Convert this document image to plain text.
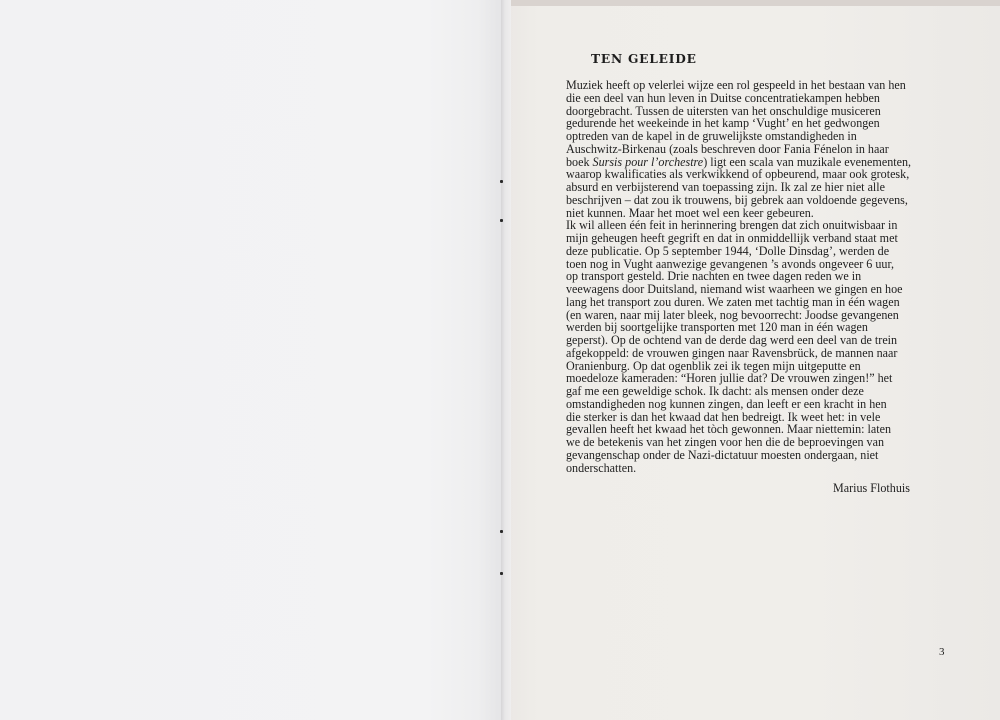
TEN GELEIDE
Muziek heeft op velerlei wijze een rol gespeeld in het bestaan van hen
die een deel van hun leven in Duitse concentratiekampen hebben
doorgebracht. Tussen de uitersten van het onschuldige musiceren
gedurende het weekeinde in het kamp ‘Vught’ en het gedwongen
optreden van de kapel in de gruwelijkste omstandigheden in
Auschwitz-Birkenau (zoals beschreven door Fania Fénelon in haar
boek Sursis pour l’orchestre) ligt een scala van muzikale evenementen,
waarop kwalificaties als verkwikkend of opbeurend, maar ook grotesk,
absurd en verbijsterend van toepassing zijn. Ik zal ze hier niet alle
beschrijven – dat zou ik trouwens, bij gebrek aan voldoende gegevens,
niet kunnen. Maar het moet wel een keer gebeuren.
Ik wil alleen één feit in herinnering brengen dat zich onuitwisbaar in
mijn geheugen heeft gegrift en dat in onmiddellijk verband staat met
deze publicatie. Op 5 september 1944, ‘Dolle Dinsdag’, werden de
toen nog in Vught aanwezige gevangenen ’s avonds ongeveer 6 uur,
op transport gesteld. Drie nachten en twee dagen reden we in
veewagens door Duitsland, niemand wist waarheen we gingen en hoe
lang het transport zou duren. We zaten met tachtig man in één wagen
(en waren, naar mij later bleek, nog bevoorrecht: Joodse gevangenen
werden bij soortgelijke transporten met 120 man in één wagen
geperst). Op de ochtend van de derde dag werd een deel van de trein
afgekoppeld: de vrouwen gingen naar Ravensbrück, de mannen naar
Oranienburg. Op dat ogenblik zei ik tegen mijn uitgeputte en
moedeloze kameraden: “Horen jullie dat? De vrouwen zingen!” het
gaf me een geweldige schok. Ik dacht: als mensen onder deze
omstandigheden nog kunnen zingen, dan leeft er een kracht in hen
die sterker is dan het kwaad dat hen bedreigt. Ik weet het: in vele
gevallen heeft het kwaad het tòch gewonnen. Maar niettemin: laten
we de betekenis van het zingen voor hen die de beproevingen van
gevangenschap onder de Nazi-dictatuur moesten ondergaan, niet
onderschatten.
Marius Flothuis
3
